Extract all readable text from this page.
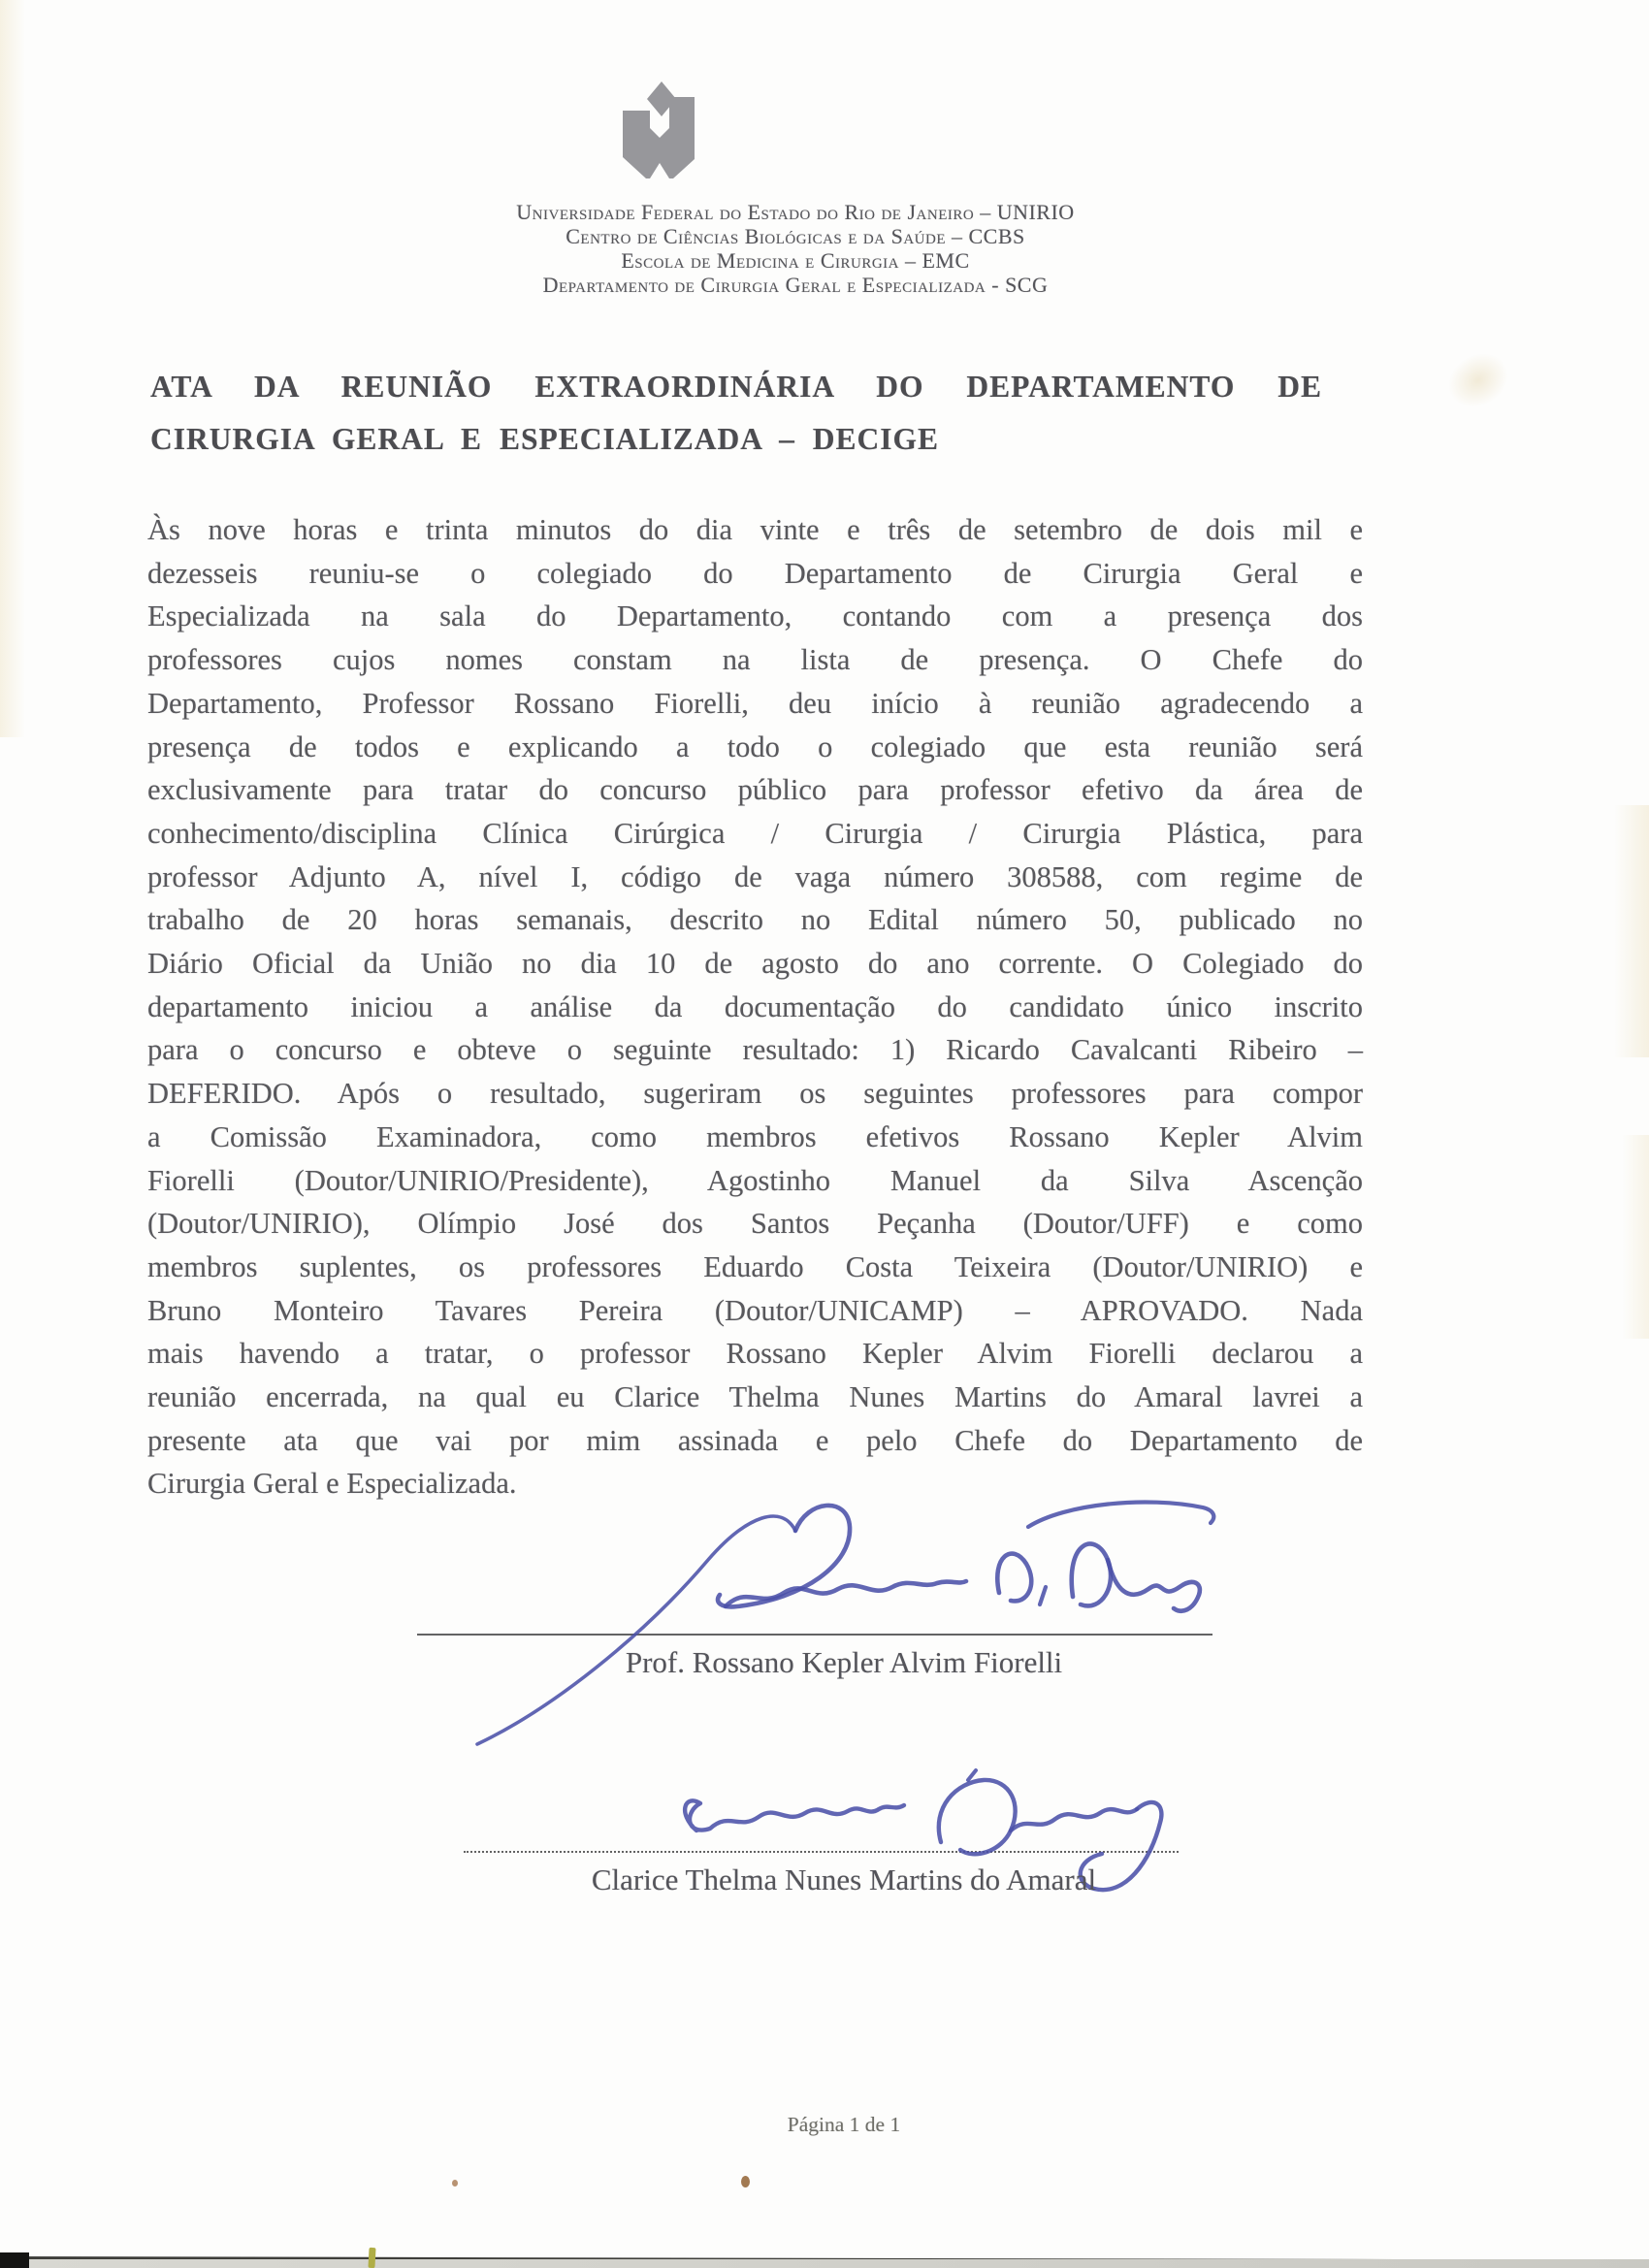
Universidade Federal do Estado do Rio de Janeiro – UNIRIO
Centro de Ciências Biológicas e da Saúde – CCBS
Escola de Medicina e Cirurgia – EMC
Departamento de Cirurgia Geral e Especializada - SCG
ATA DA REUNIÃO EXTRAORDINÁRIA DO DEPARTAMENTO DE
CIRURGIA GERAL E ESPECIALIZADA – DECIGE
Às nove horas e trinta minutos do dia vinte e três de setembro de dois mil e
dezesseis reuniu-se o colegiado do Departamento de Cirurgia Geral e
Especializada na sala do Departamento, contando com a presença dos
professores cujos nomes constam na lista de presença. O Chefe do
Departamento, Professor Rossano Fiorelli, deu início à reunião agradecendo a
presença de todos e explicando a todo o colegiado que esta reunião será
exclusivamente para tratar do concurso público para professor efetivo da área de
conhecimento/disciplina Clínica Cirúrgica / Cirurgia / Cirurgia Plástica, para
professor Adjunto A, nível I, código de vaga número 308588, com regime de
trabalho de 20 horas semanais, descrito no Edital número 50, publicado no
Diário Oficial da União no dia 10 de agosto do ano corrente. O Colegiado do
departamento iniciou a análise da documentação do candidato único inscrito
para o concurso e obteve o seguinte resultado: 1) Ricardo Cavalcanti Ribeiro –
DEFERIDO. Após o resultado, sugeriram os seguintes professores para compor
a Comissão Examinadora, como membros efetivos Rossano Kepler Alvim
Fiorelli (Doutor/UNIRIO/Presidente), Agostinho Manuel da Silva Ascenção
(Doutor/UNIRIO), Olímpio José dos Santos Peçanha (Doutor/UFF) e como
membros suplentes, os professores Eduardo Costa Teixeira (Doutor/UNIRIO) e
Bruno Monteiro Tavares Pereira (Doutor/UNICAMP) – APROVADO. Nada
mais havendo a tratar, o professor Rossano Kepler Alvim Fiorelli declarou a
reunião encerrada, na qual eu Clarice Thelma Nunes Martins do Amaral lavrei a
presente ata que vai por mim assinada e pelo Chefe do Departamento de
Cirurgia Geral e Especializada.
Prof. Rossano Kepler Alvim Fiorelli
Clarice Thelma Nunes Martins do Amaral
Página 1 de 1
